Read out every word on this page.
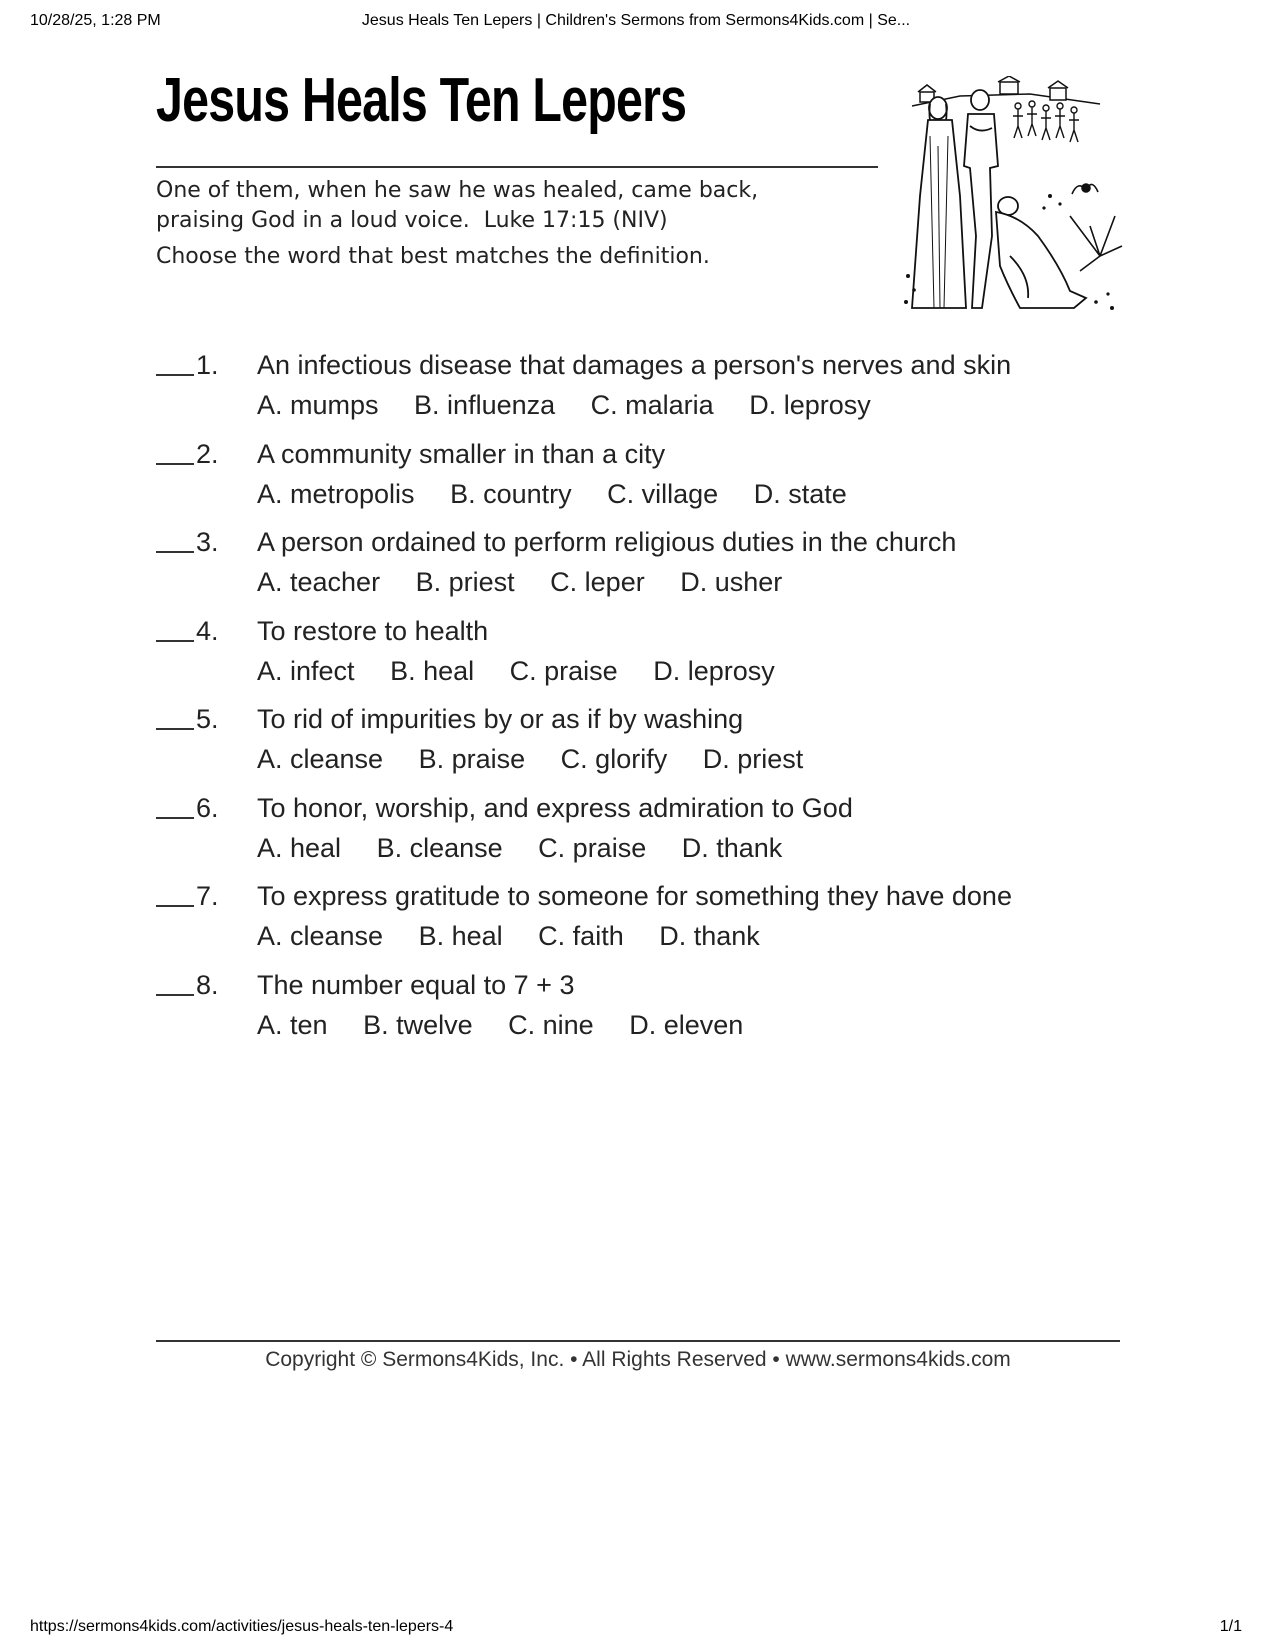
10/28/25, 1:28 PM	Jesus Heals Ten Lepers | Children's Sermons from Sermons4Kids.com | Se...
Jesus Heals Ten Lepers
One of them, when he saw he was healed, came back,
praising God in a loud voice.  Luke 17:15 (NIV)
Choose the word that best matches the definition.
1. An infectious disease that damages a person's nerves and skin
A. mumps B. influenza C. malaria D. leprosy
2. A community smaller in than a city
A. metropolis B. country C. village D. state
3. A person ordained to perform religious duties in the church
A. teacher B. priest C. leper D. usher
4. To restore to health
A. infect B. heal C. praise D. leprosy
5. To rid of impurities by or as if by washing
A. cleanse B. praise C. glorify D. priest
6. To honor, worship, and express admiration to God
A. heal B. cleanse C. praise D. thank
7. To express gratitude to someone for something they have done
A. cleanse B. heal C. faith D. thank
8. The number equal to 7 + 3
A. ten B. twelve C. nine D. eleven
Copyright © Sermons4Kids, Inc. • All Rights Reserved • www.sermons4kids.com
https://sermons4kids.com/activities/jesus-heals-ten-lepers-4	1/1
